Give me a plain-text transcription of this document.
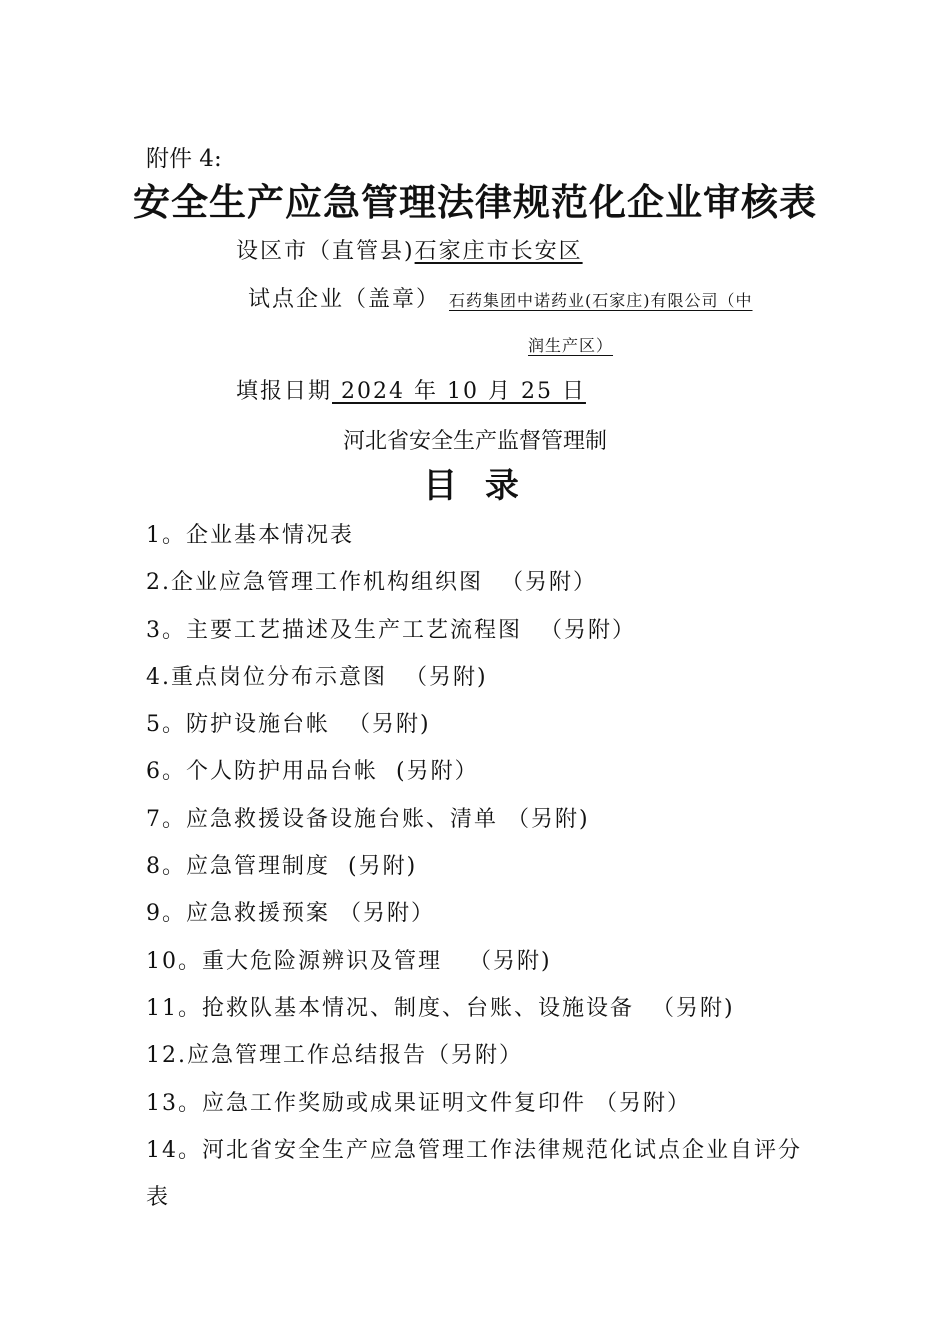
附件 4:
安全生产应急管理法律规范化企业审核表
设区市（直管县)石家庄市长安区
试点企业（盖章） 石药集团中诺药业(石家庄)有限公司（中
润生产区）
填报日期 2024 年 10 月 25 日
河北省安全生产监督管理制
目 录
1。企业基本情况表
2.企业应急管理工作机构组织图  （另附）
3。主要工艺描述及生产工艺流程图  （另附）
4.重点岗位分布示意图  （另附)
5。防护设施台帐  （另附)
6。个人防护用品台帐  (另附）
7。应急救援设备设施台账、清单 （另附)
8。应急管理制度  (另附)
9。应急救援预案 （另附）
10。重大危险源辨识及管理   （另附)
11。抢救队基本情况、制度、台账、设施设备  （另附)
12.应急管理工作总结报告（另附）
13。应急工作奖励或成果证明文件复印件 （另附）
14。河北省安全生产应急管理工作法律规范化试点企业自评分表
